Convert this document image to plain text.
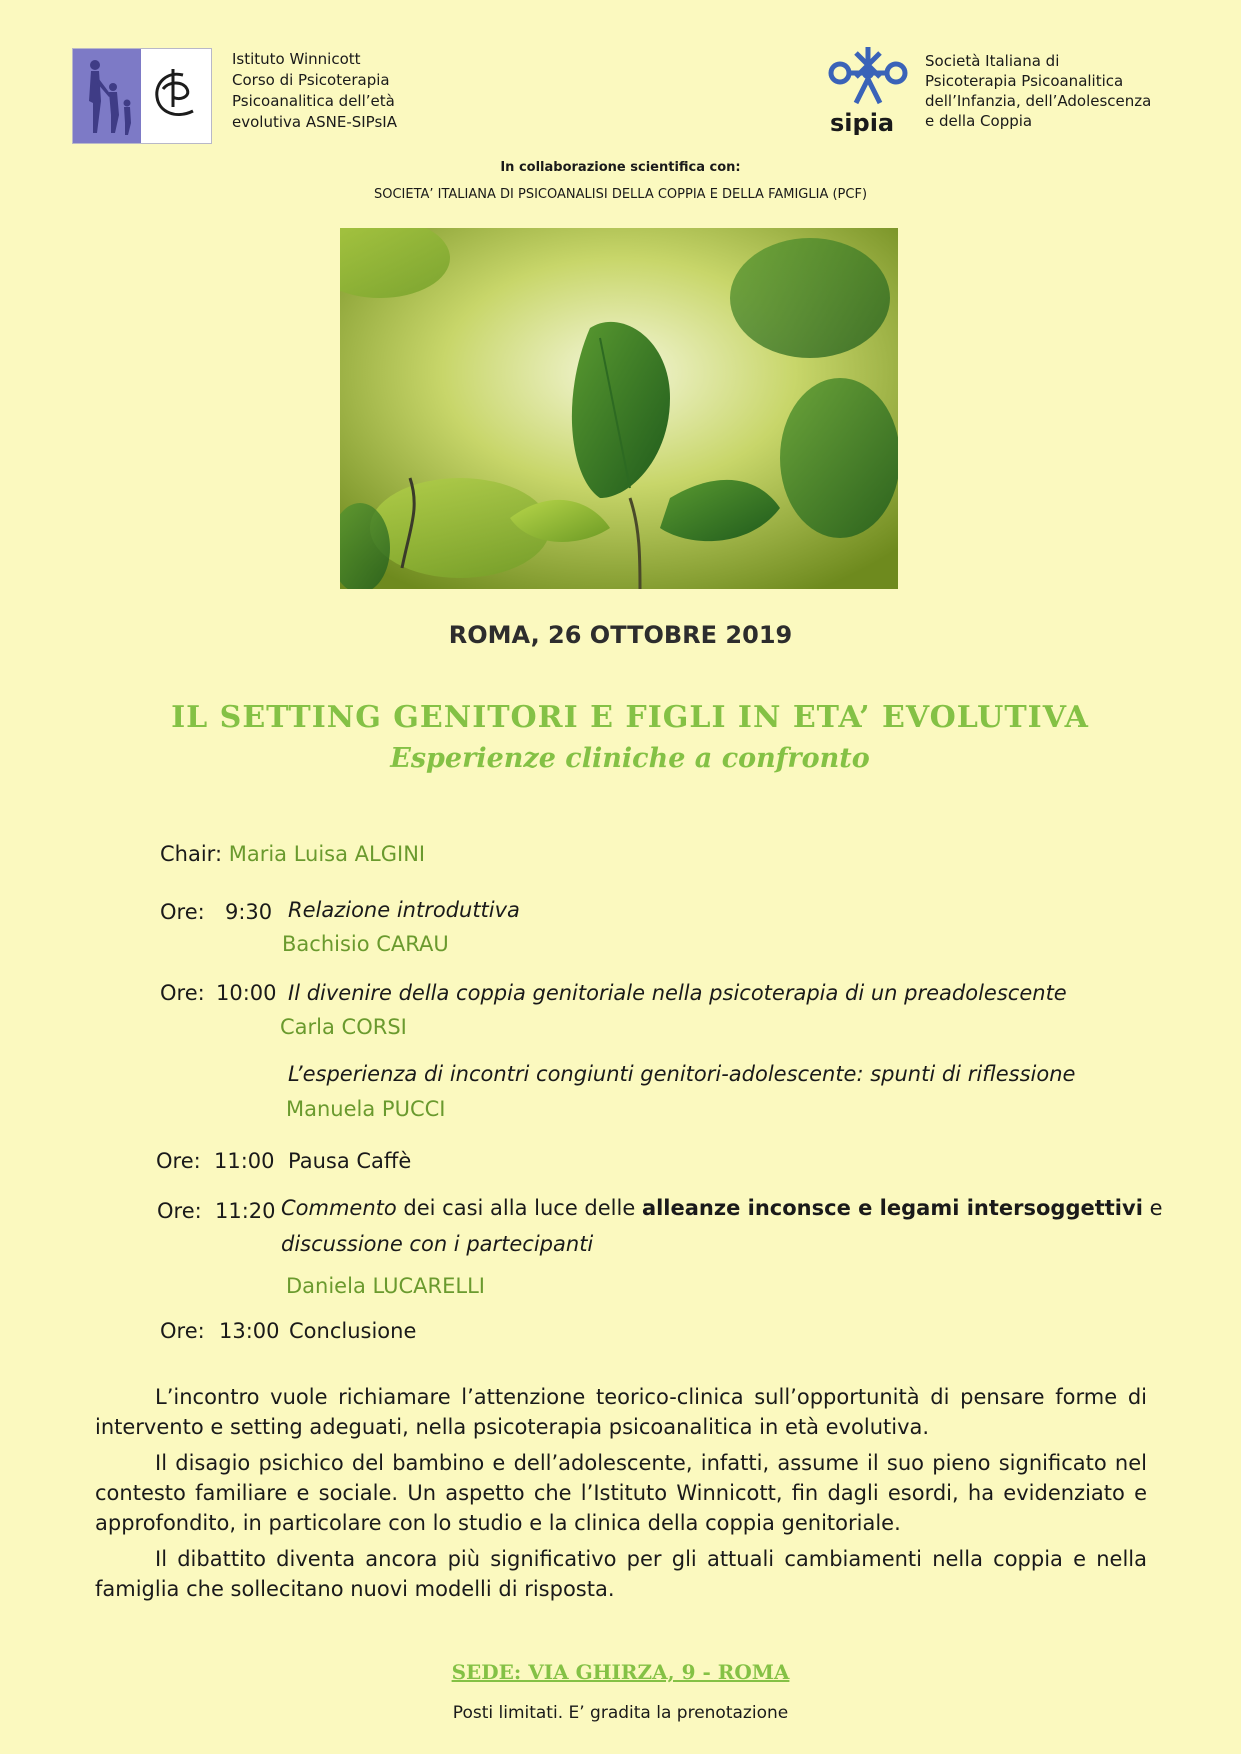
Istituto Winnicott
Corso di Psicoterapia
Psicoanalitica dell’età
evolutiva ASNE-SIPsIA	sipia
Società Italiana di
Psicoterapia Psicoanalitica
dell’Infanzia, dell’Adolescenza
e della Coppia
In collaborazione scientifica con:
SOCIETA’ ITALIANA DI PSICOANALISI DELLA COPPIA E DELLA FAMIGLIA (PCF)
ROMA, 26 OTTOBRE 2019
IL SETTING GENITORI E FIGLI IN ETA’ EVOLUTIVA
Esperienze cliniche a confronto
Chair: Maria Luisa ALGINI
Ore: 9:30 Relazione introduttiva
Bachisio CARAU
Ore: 10:00 Il divenire della coppia genitoriale nella psicoterapia di un preadolescente
Carla CORSI
L’esperienza di incontri congiunti genitori-adolescente: spunti di riflessione
Manuela PUCCI
Ore: 11:00 Pausa Caffè
Ore: 11:20 Commento dei casi alla luce delle alleanze inconsce e legami intersoggettivi e
discussione con i partecipanti
Daniela LUCARELLI
Ore: 13:00 Conclusione

L’incontro vuole richiamare l’attenzione teorico-clinica sull’opportunità di pensare forme di intervento e setting adeguati, nella psicoterapia psicoanalitica in età evolutiva.

Il disagio psichico del bambino e dell’adolescente, infatti, assume il suo pieno significato nel contesto familiare e sociale. Un aspetto che l’Istituto Winnicott, fin dagli esordi, ha evidenziato e approfondito, in particolare con lo studio e la clinica della coppia genitoriale.

Il dibattito diventa ancora più significativo per gli attuali cambiamenti nella coppia e nella famiglia che sollecitano nuovi modelli di risposta.

SEDE: VIA GHIRZA, 9 - ROMA
Posti limitati. E’ gradita la prenotazione
